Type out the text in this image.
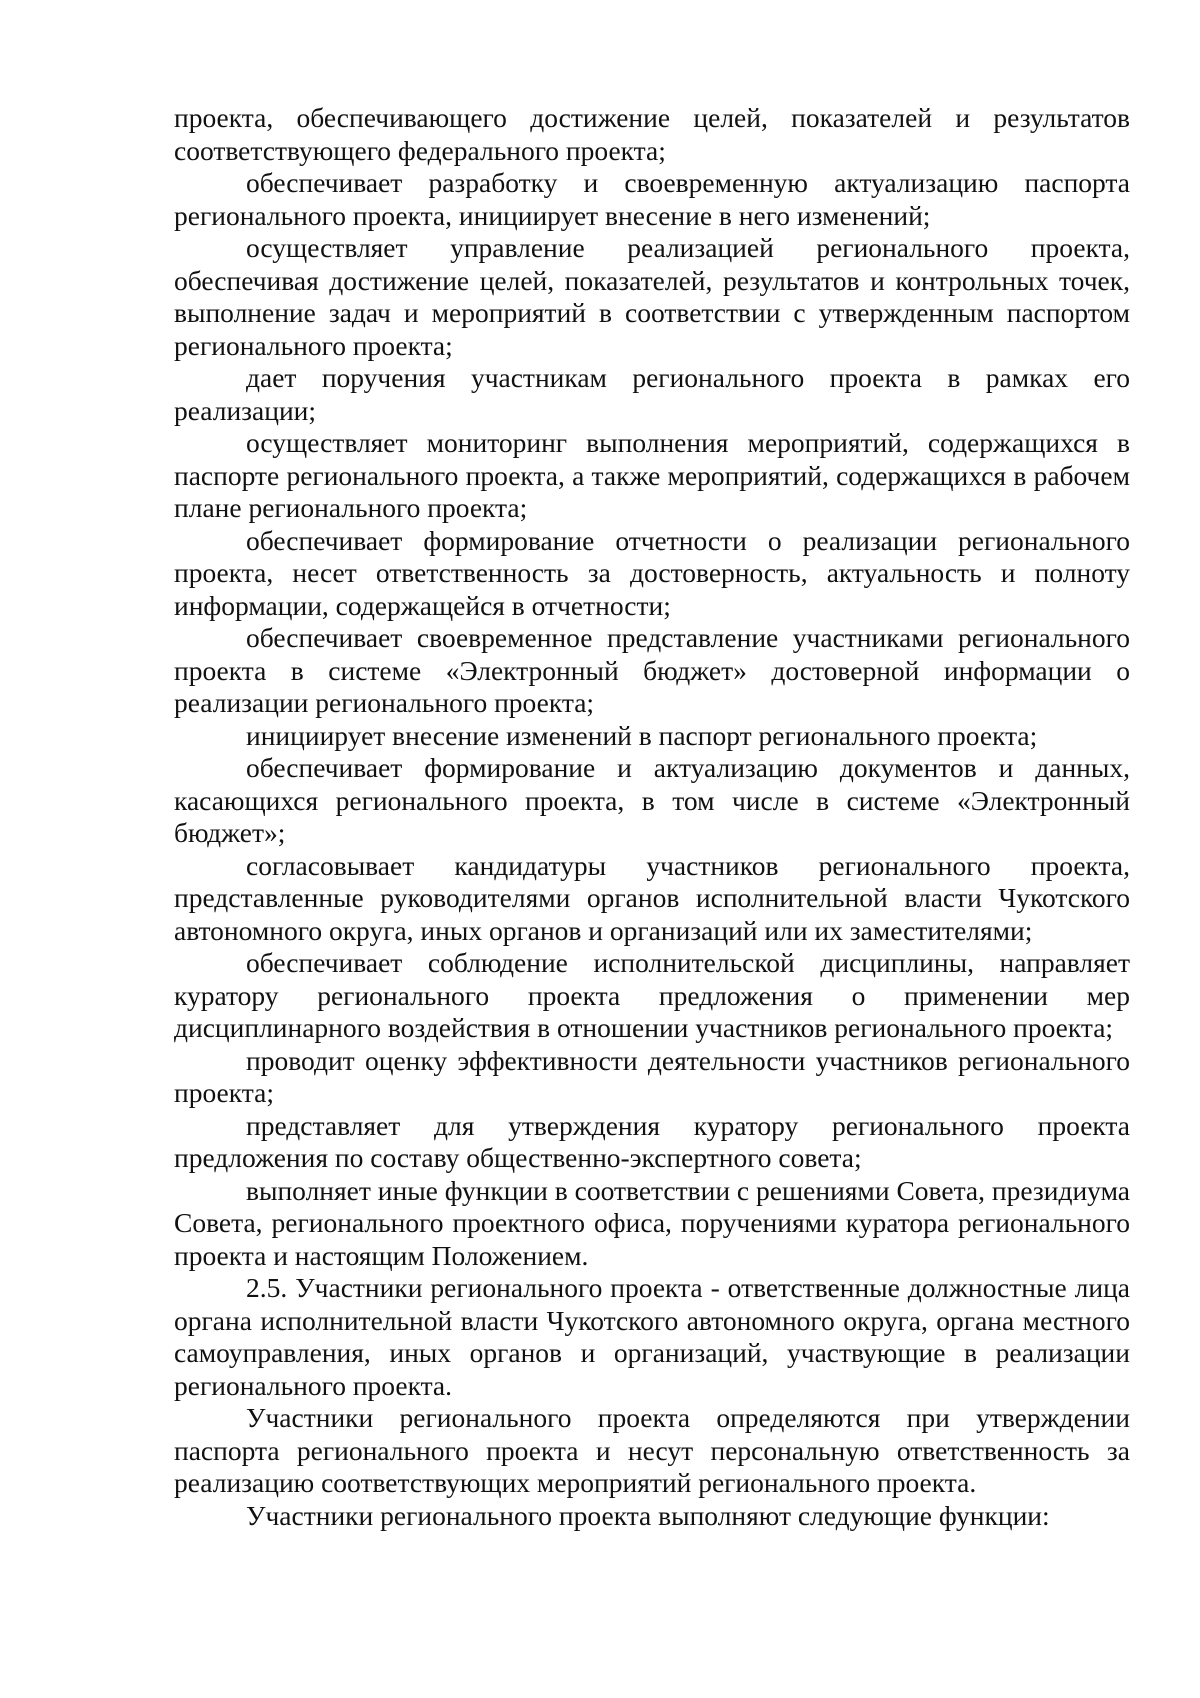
проекта, обеспечивающего достижение целей, показателей и результатов соответствующего федерального проекта;

обеспечивает разработку и своевременную актуализацию паспорта регионального проекта, инициирует внесение в него изменений;

осуществляет управление реализацией регионального проекта, обеспечивая достижение целей, показателей, результатов и контрольных точек, выполнение задач и мероприятий в соответствии с утвержденным паспортом регионального проекта;

дает поручения участникам регионального проекта в рамках его реализации;

осуществляет мониторинг выполнения мероприятий, содержащихся в паспорте регионального проекта, а также мероприятий, содержащихся в рабочем плане регионального проекта;

обеспечивает формирование отчетности о реализации регионального проекта, несет ответственность за достоверность, актуальность и полноту информации, содержащейся в отчетности;

обеспечивает своевременное представление участниками регионального проекта в системе «Электронный бюджет» достоверной информации о реализации регионального проекта;

инициирует внесение изменений в паспорт регионального проекта;

обеспечивает формирование и актуализацию документов и данных, касающихся регионального проекта, в том числе в системе «Электронный бюджет»;

согласовывает кандидатуры участников регионального проекта, представленные руководителями органов исполнительной власти Чукотского автономного округа, иных органов и организаций или их заместителями;

обеспечивает соблюдение исполнительской дисциплины, направляет куратору регионального проекта предложения о применении мер дисциплинарного воздействия в отношении участников регионального проекта;

проводит оценку эффективности деятельности участников регионального проекта;

представляет для утверждения куратору регионального проекта предложения по составу общественно-экспертного совета;

выполняет иные функции в соответствии с решениями Совета, президиума Совета, регионального проектного офиса, поручениями куратора регионального проекта и настоящим Положением.

2.5. Участники регионального проекта - ответственные должностные лица органа исполнительной власти Чукотского автономного округа, органа местного самоуправления, иных органов и организаций, участвующие в реализации регионального проекта.

Участники регионального проекта определяются при утверждении паспорта регионального проекта и несут персональную ответственность за реализацию соответствующих мероприятий регионального проекта.

Участники регионального проекта выполняют следующие функции:
